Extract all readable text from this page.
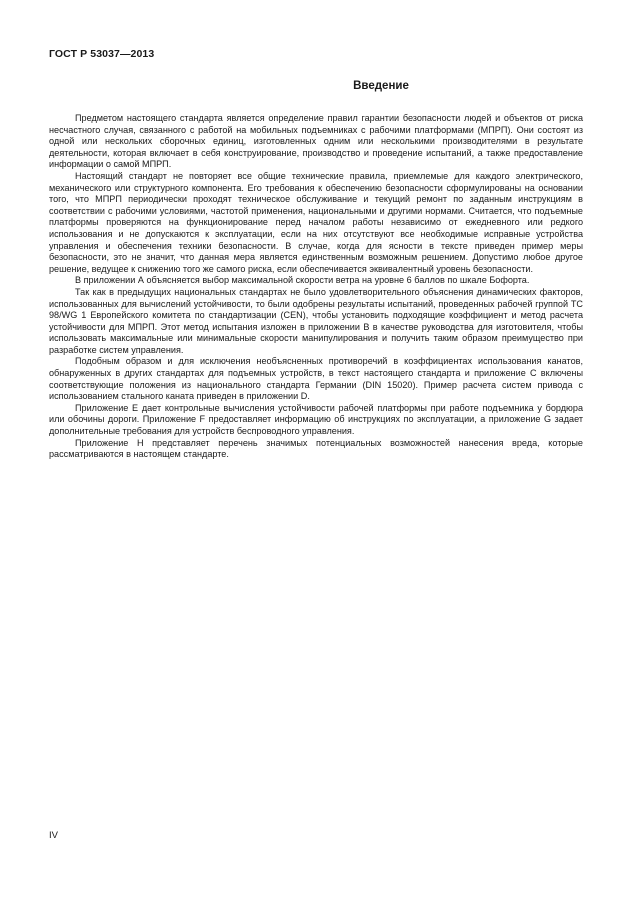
ГОСТ Р 53037—2013
Введение

Предметом настоящего стандарта является определение правил гарантии безопасности людей и объектов от риска несчастного случая, связанного с работой на мобильных подъемниках с рабочими платформами (МПРП). Они состоят из одной или нескольких сборочных единиц, изготовленных одним или несколькими производителями в результате деятельности, которая включает в себя конструирование, производство и проведение испытаний, а также предоставление информации о самой МПРП.

Настоящий стандарт не повторяет все общие технические правила, приемлемые для каждого электрического, механического или структурного компонента. Его требования к обеспечению безопасности сформулированы на основании того, что МПРП периодически проходят техническое обслуживание и текущий ремонт по заданным инструкциям в соответствии с рабочими условиями, частотой применения, национальными и другими нормами. Считается, что подъемные платформы проверяются на функционирование перед началом работы независимо от ежедневного или редкого использования и не допускаются к эксплуатации, если на них отсутствуют все необходимые исправные устройства управления и обеспечения техники безопасности. В случае, когда для ясности в тексте приведен пример меры безопасности, это не значит, что данная мера является единственным возможным решением. Допустимо любое другое решение, ведущее к снижению того же самого риска, если обеспечивается эквивалентный уровень безопасности.

В приложении А объясняется выбор максимальной скорости ветра на уровне 6 баллов по шкале Бофорта.

Так как в предыдущих национальных стандартах не было удовлетворительного объяснения динамических факторов, использованных для вычислений устойчивости, то были одобрены результаты испытаний, проведенных рабочей группой ТС 98/WG 1 Европейского комитета по стандартизации (CEN), чтобы установить подходящие коэффициент и метод расчета устойчивости для МПРП. Этот метод испытания изложен в приложении В в качестве руководства для изготовителя, чтобы использовать максимальные или минимальные скорости манипулирования и получить таким образом преимущество при разработке систем управления.

Подобным образом и для исключения необъясненных противоречий в коэффициентах использования канатов, обнаруженных в других стандартах для подъемных устройств, в текст настоящего стандарта и приложение С включены соответствующие положения из национального стандарта Германии (DIN 15020). Пример расчета систем привода с использованием стального каната приведен в приложении D.

Приложение Е дает контрольные вычисления устойчивости рабочей платформы при работе подъемника у бордюра или обочины дороги. Приложение F предоставляет информацию об инструкциях по эксплуатации, а приложение G задает дополнительные требования для устройств беспроводного управления.

Приложение Н представляет перечень значимых потенциальных возможностей нанесения вреда, которые рассматриваются в настоящем стандарте.

IV
